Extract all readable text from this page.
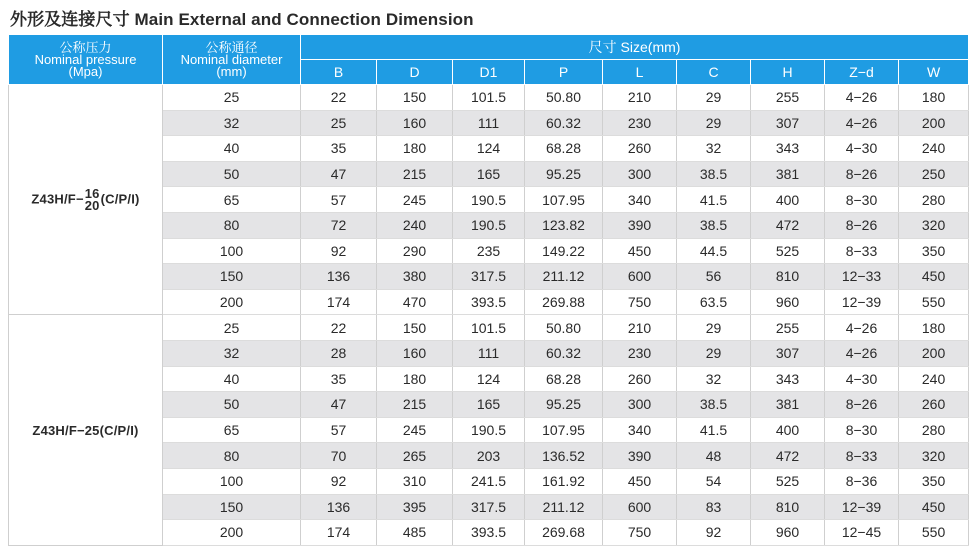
外形及连接尺寸 Main External and Connection Dimension
公称压力
Nominal pressure
(Mpa)	公称通径
Nominal diameter
(mm)	尺寸 Size(mm)								
		B	D	D1	P	L	C	H	Z−d	W
Z43H/F− 16
20 (C/P/I)	25	22	150	101.5	50.80	210	29	255	4−26	180
	32	25	160	111	60.32	230	29	307	4−26	200
	40	35	180	124	68.28	260	32	343	4−30	240
	50	47	215	165	95.25	300	38.5	381	8−26	250
	65	57	245	190.5	107.95	340	41.5	400	8−30	280
	80	72	240	190.5	123.82	390	38.5	472	8−26	320
	100	92	290	235	149.22	450	44.5	525	8−33	350
	150	136	380	317.5	211.12	600	56	810	12−33	450
	200	174	470	393.5	269.88	750	63.5	960	12−39	550
Z43H/F−25(C/P/I)	25	22	150	101.5	50.80	210	29	255	4−26	180
	32	28	160	111	60.32	230	29	307	4−26	200
	40	35	180	124	68.28	260	32	343	4−30	240
	50	47	215	165	95.25	300	38.5	381	8−26	260
	65	57	245	190.5	107.95	340	41.5	400	8−30	280
	80	70	265	203	136.52	390	48	472	8−33	320
	100	92	310	241.5	161.92	450	54	525	8−36	350
	150	136	395	317.5	211.12	600	83	810	12−39	450
	200	174	485	393.5	269.68	750	92	960	12−45	550
